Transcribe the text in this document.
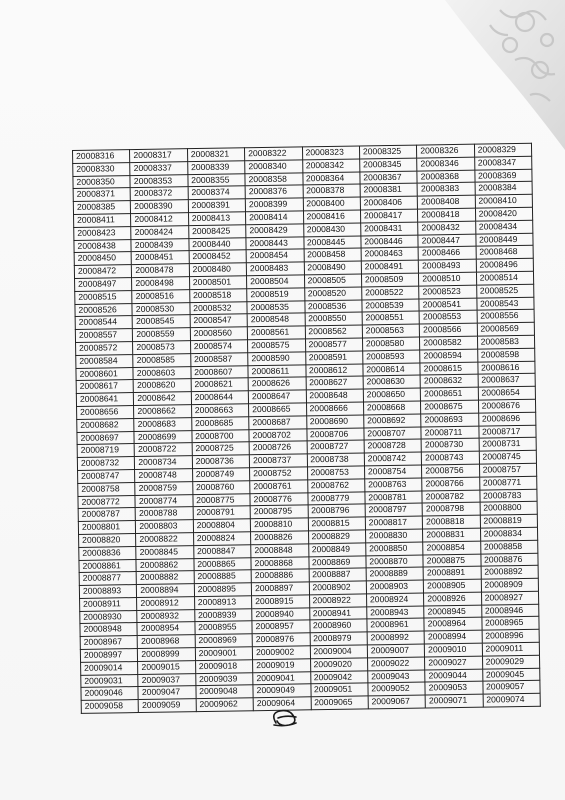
20008316	20008317	20008321	20008322	20008323	20008325	20008326	20008329
20008330	20008337	20008339	20008340	20008342	20008345	20008346	20008347
20008350	20008353	20008355	20008358	20008364	20008367	20008368	20008369
20008371	20008372	20008374	20008376	20008378	20008381	20008383	20008384
20008385	20008390	20008391	20008399	20008400	20008406	20008408	20008410
20008411	20008412	20008413	20008414	20008416	20008417	20008418	20008420
20008423	20008424	20008425	20008429	20008430	20008431	20008432	20008434
20008438	20008439	20008440	20008443	20008445	20008446	20008447	20008449
20008450	20008451	20008452	20008454	20008458	20008463	20008466	20008468
20008472	20008478	20008480	20008483	20008490	20008491	20008493	20008496
20008497	20008498	20008501	20008504	20008505	20008509	20008510	20008514
20008515	20008516	20008518	20008519	20008520	20008522	20008523	20008525
20008526	20008530	20008532	20008535	20008536	20008539	20008541	20008543
20008544	20008545	20008547	20008548	20008550	20008551	20008553	20008556
20008557	20008559	20008560	20008561	20008562	20008563	20008566	20008569
20008572	20008573	20008574	20008575	20008577	20008580	20008582	20008583
20008584	20008585	20008587	20008590	20008591	20008593	20008594	20008598
20008601	20008603	20008607	20008611	20008612	20008614	20008615	20008616
20008617	20008620	20008621	20008626	20008627	20008630	20008632	20008637
20008641	20008642	20008644	20008647	20008648	20008650	20008651	20008654
20008656	20008662	20008663	20008665	20008666	20008668	20008675	20008676
20008682	20008683	20008685	20008687	20008690	20008692	20008693	20008696
20008697	20008699	20008700	20008702	20008706	20008707	20008711	20008717
20008719	20008722	20008725	20008726	20008727	20008728	20008730	20008731
20008732	20008734	20008736	20008737	20008738	20008742	20008743	20008745
20008747	20008748	20008749	20008752	20008753	20008754	20008756	20008757
20008758	20008759	20008760	20008761	20008762	20008763	20008766	20008771
20008772	20008774	20008775	20008776	20008779	20008781	20008782	20008783
20008787	20008788	20008791	20008795	20008796	20008797	20008798	20008800
20008801	20008803	20008804	20008810	20008815	20008817	20008818	20008819
20008820	20008822	20008824	20008826	20008829	20008830	20008831	20008834
20008836	20008845	20008847	20008848	20008849	20008850	20008854	20008858
20008861	20008862	20008865	20008868	20008869	20008870	20008875	20008876
20008877	20008882	20008885	20008886	20008887	20008889	20008891	20008892
20008893	20008894	20008895	20008897	20008902	20008903	20008905	20008909
20008911	20008912	20008913	20008915	20008922	20008924	20008926	20008927
20008930	20008932	20008939	20008940	20008941	20008943	20008945	20008946
20008948	20008954	20008955	20008957	20008960	20008961	20008964	20008965
20008967	20008968	20008969	20008976	20008979	20008992	20008994	20008996
20008997	20008999	20009001	20009002	20009004	20009007	20009010	20009011
20009014	20009015	20009018	20009019	20009020	20009022	20009027	20009029
20009031	20009037	20009039	20009041	20009042	20009043	20009044	20009045
20009046	20009047	20009048	20009049	20009051	20009052	20009053	20009057
20009058	20009059	20009062	20009064	20009065	20009067	20009071	20009074
